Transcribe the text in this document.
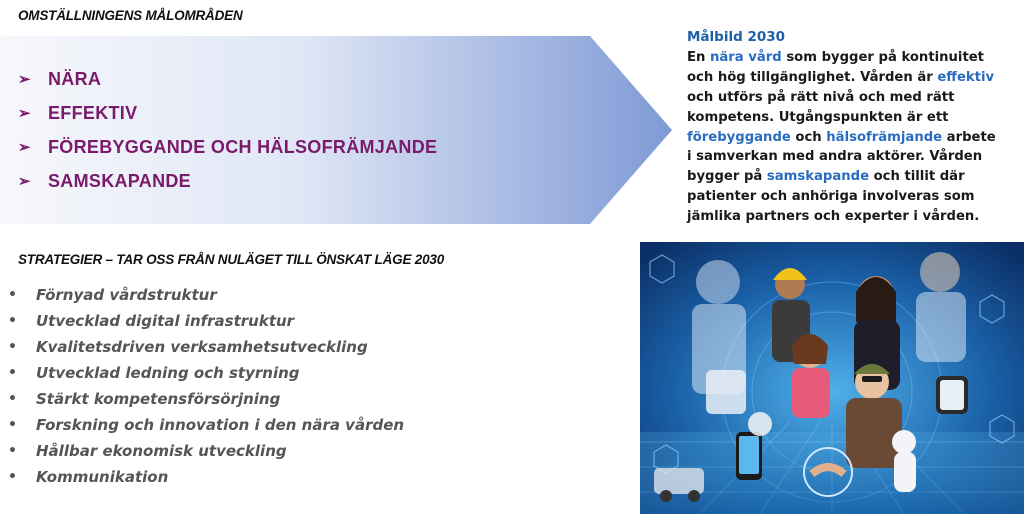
OMSTÄLLNINGENS MÅLOMRÅDEN
➢ NÄRA
➢ EFFEKTIV
➢ FÖREBYGGANDE OCH HÄLSOFRÄMJANDE
➢ SAMSKAPANDE
Målbild 2030
En nära vård som bygger på kontinuitet
och hög tillgänglighet. Vården är effektiv
och utförs på rätt nivå och med rätt
kompetens. Utgångspunkten är ett
förebyggande och hälsofrämjande arbete
i samverkan med andra aktörer. Vården
bygger på samskapande och tillit där
patienter och anhöriga involveras som
jämlika partners och experter i vården.
STRATEGIER – TAR OSS FRÅN NULÄGET TILL ÖNSKAT LÄGE 2030
•	Förnyad vårdstruktur
•	Utvecklad digital infrastruktur
•	Kvalitetsdriven verksamhetsutveckling
•	Utvecklad ledning och styrning
•	Stärkt kompetensförsörjning
•	Forskning och innovation i den nära vården
•	Hållbar ekonomisk utveckling
•	Kommunikation
